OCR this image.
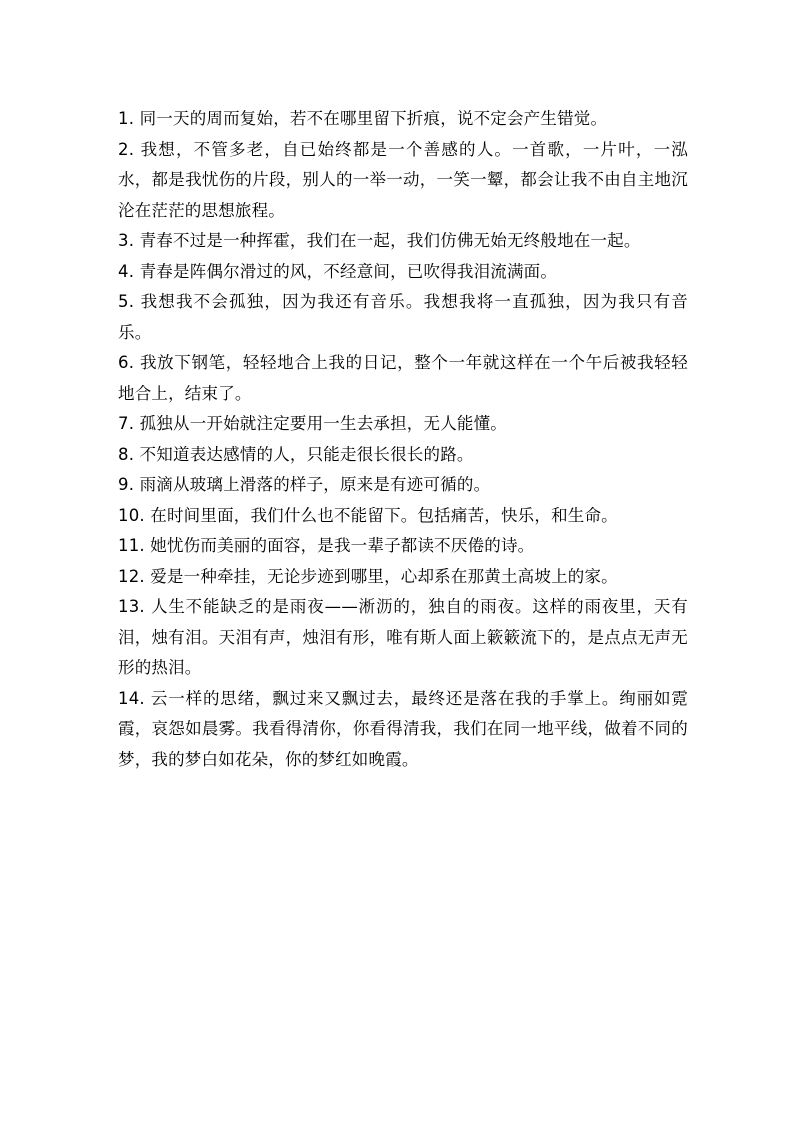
1. 同一天的周而复始，若不在哪里留下折痕，说不定会产生错觉。

2. 我想，不管多老，自已始终都是一个善感的人。一首歌，一片叶，一泓水，都是我忧伤的片段，别人的一举一动，一笑一颦，都会让我不由自主地沉沦在茫茫的思想旅程。

3. 青春不过是一种挥霍，我们在一起，我们仿佛无始无终般地在一起。

4. 青春是阵偶尔滑过的风，不经意间，已吹得我泪流满面。

5. 我想我不会孤独，因为我还有音乐。我想我将一直孤独，因为我只有音乐。

6. 我放下钢笔，轻轻地合上我的日记，整个一年就这样在一个午后被我轻轻地合上，结束了。

7. 孤独从一开始就注定要用一生去承担，无人能懂。

8. 不知道表达感情的人，只能走很长很长的路。

9. 雨滴从玻璃上滑落的样子，原来是有迹可循的。

10. 在时间里面，我们什么也不能留下。包括痛苦，快乐，和生命。

11. 她忧伤而美丽的面容，是我一辈子都读不厌倦的诗。

12. 爱是一种牵挂，无论步迹到哪里，心却系在那黄土高坡上的家。

13. 人生不能缺乏的是雨夜——淅沥的，独自的雨夜。这样的雨夜里，天有泪，烛有泪。天泪有声，烛泪有形，唯有斯人面上簌簌流下的，是点点无声无形的热泪。

14. 云一样的思绪，飘过来又飘过去，最终还是落在我的手掌上。绚丽如霓霞，哀怨如晨雾。我看得清你，你看得清我，我们在同一地平线，做着不同的梦，我的梦白如花朵，你的梦红如晚霞。
